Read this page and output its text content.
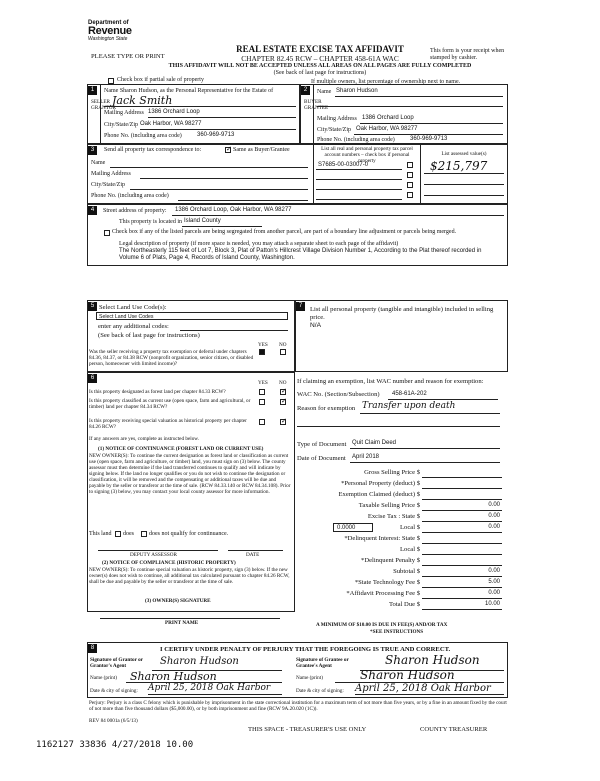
Department of
Revenue
Washington State
PLEASE TYPE OR PRINT
REAL ESTATE EXCISE TAX AFFIDAVIT
CHAPTER 82.45 RCW – CHAPTER 458-61A WAC
THIS AFFIDAVIT WILL NOT BE ACCEPTED UNLESS ALL AREAS ON ALL PAGES ARE FULLY COMPLETED
(See back of last page for instructions)
This form is your receipt when stamped by cashier.
Check box if partial sale of property	If multiple owners, list percentage of ownership next to name.
1	2
SELLER GRANTOR
BUYER GRANTEE
Name Sharon Hudson, as the Personal Representative for the Estate of
Jack Smith
Mailing Address 1386 Orchard Loop
City/State/Zip Oak Harbor, WA 98277
Phone No. (including area code)	360-969-9713
Name Sharon Hudson
Mailing Address 1386 Orchard Loop
City/State/Zip Oak Harbor, WA 98277
Phone No. (including area code)	360-969-9713
3	Send all property tax correspondence to:	✓ Same as Buyer/Grantee
Name
Mailing Address
City/State/Zip
Phone No. (including area code)
List all real and personal property tax parcel account numbers – check box if personal property
List assessed value(s)
S7685-00-03007-0	$215,797
4	Street address of property: 1386 Orchard Loop, Oak Harbor, WA 98277
This property is located in Island County
Check box if any of the listed parcels are being segregated from another parcel, are part of a boundary line adjustment or parcels being merged.
Legal description of property (if more space is needed, you may attach a separate sheet to each page of the affidavit)
The Northeasterly 115 feet of Lot 7, Block 3, Plat of Patton's Hillcrest Village Division Number 1, According to the Plat thereof recorded in Volume 6 of Plats, Page 4, Records of Island County, Washington.
5 Select Land Use Code(s):
Select Land Use Codes
enter any additional codes:
(See back of last page for instructions)
YES NO
Was the seller receiving a property tax exemption or deferral under chapters 84.36, 84.37, or 84.38 RCW (nonprofit organization, senior citizen, or disabled person, homeowner with limited income)?
7	List all personal property (tangible and intangible) included in selling price.
N/A
6
YES NO
Is this property designated as forest land per chapter 84.33 RCW?	✓
Is this property classified as current use (open space, farm and agricultural, or timber) land per chapter 84.34 RCW?
✓
Is this property receiving special valuation as historical property per chapter 84.26 RCW?
✓
If any answers are yes, complete as instructed below.
(1) NOTICE OF CONTINUANCE (FOREST LAND OR CURRENT USE)
NEW OWNER(S): To continue the current designation as forest land or classification as current use (open space, farm and agriculture, or timber) land, you must sign on (3) below. The county assessor must then determine if the land transferred continues to qualify and will indicate by signing below. If the land no longer qualifies or you do not wish to continue the designation or classification, it will be removed and the compensating or additional taxes will be due and payable by the seller or transferor at the time of sale. (RCW 84.33.140 or RCW 84.34.108). Prior to signing (3) below, you may contact your local county assessor for more information.
This land does	does not qualify for continuance.
DEPUTY ASSESSOR	DATE
(2) NOTICE OF COMPLIANCE (HISTORIC PROPERTY)
NEW OWNER(S): To continue special valuation as historic property, sign (3) below. If the new owner(s) does not wish to continue, all additional tax calculated pursuant to chapter 84.26 RCW, shall be due and payable by the seller or transferor at the time of sale.
(3) OWNER(S) SIGNATURE
PRINT NAME
If claiming an exemption, list WAC number and reason for exemption:
WAC No. (Section/Subsection) 458-61A-202
Reason for exemption Transfer upon death
Type of Document Quit Claim Deed
Date of Document April 2018
Gross Selling Price $
*Personal Property (deduct) $
Exemption Claimed (deduct) $
Taxable Selling Price $	0.00
Excise Tax : State $	0.00
Local $	0.00
*Delinquent Interest: State $
Local $
*Delinquent Penalty $
Subtotal $	0.00
*State Technology Fee $	5.00
*Affidavit Processing Fee $	0.00
Total Due $	10.00
0.0000
A MINIMUM OF $10.00 IS DUE IN FEE(S) AND/OR TAX
*SEE INSTRUCTIONS
8	I CERTIFY UNDER PENALTY OF PERJURY THAT THE FOREGOING IS TRUE AND CORRECT.
Signature of Grantor or Grantor's Agent	Sharon Hudson
Name (print) Sharon Hudson
Date & city of signing: April 25, 2018 Oak Harbor
Signature of Grantee or Grantee's Agent	Sharon Hudson
Name (print)	Sharon Hudson
Date & city of signing: April 25, 2018 Oak Harbor
Perjury: Perjury is a class C felony which is punishable by imprisonment in the state correctional institution for a maximum term of not more than five years, or by a fine in an amount fixed by the court of not more than five thousand dollars ($5,000.00), or by both imprisonment and fine (RCW 9A.20.020 (1C)).
REV 84 0001a (6/5/13)
THIS SPACE - TREASURER'S USE ONLY	COUNTY TREASURER
1162127 33836 4/27/2018 10.00
